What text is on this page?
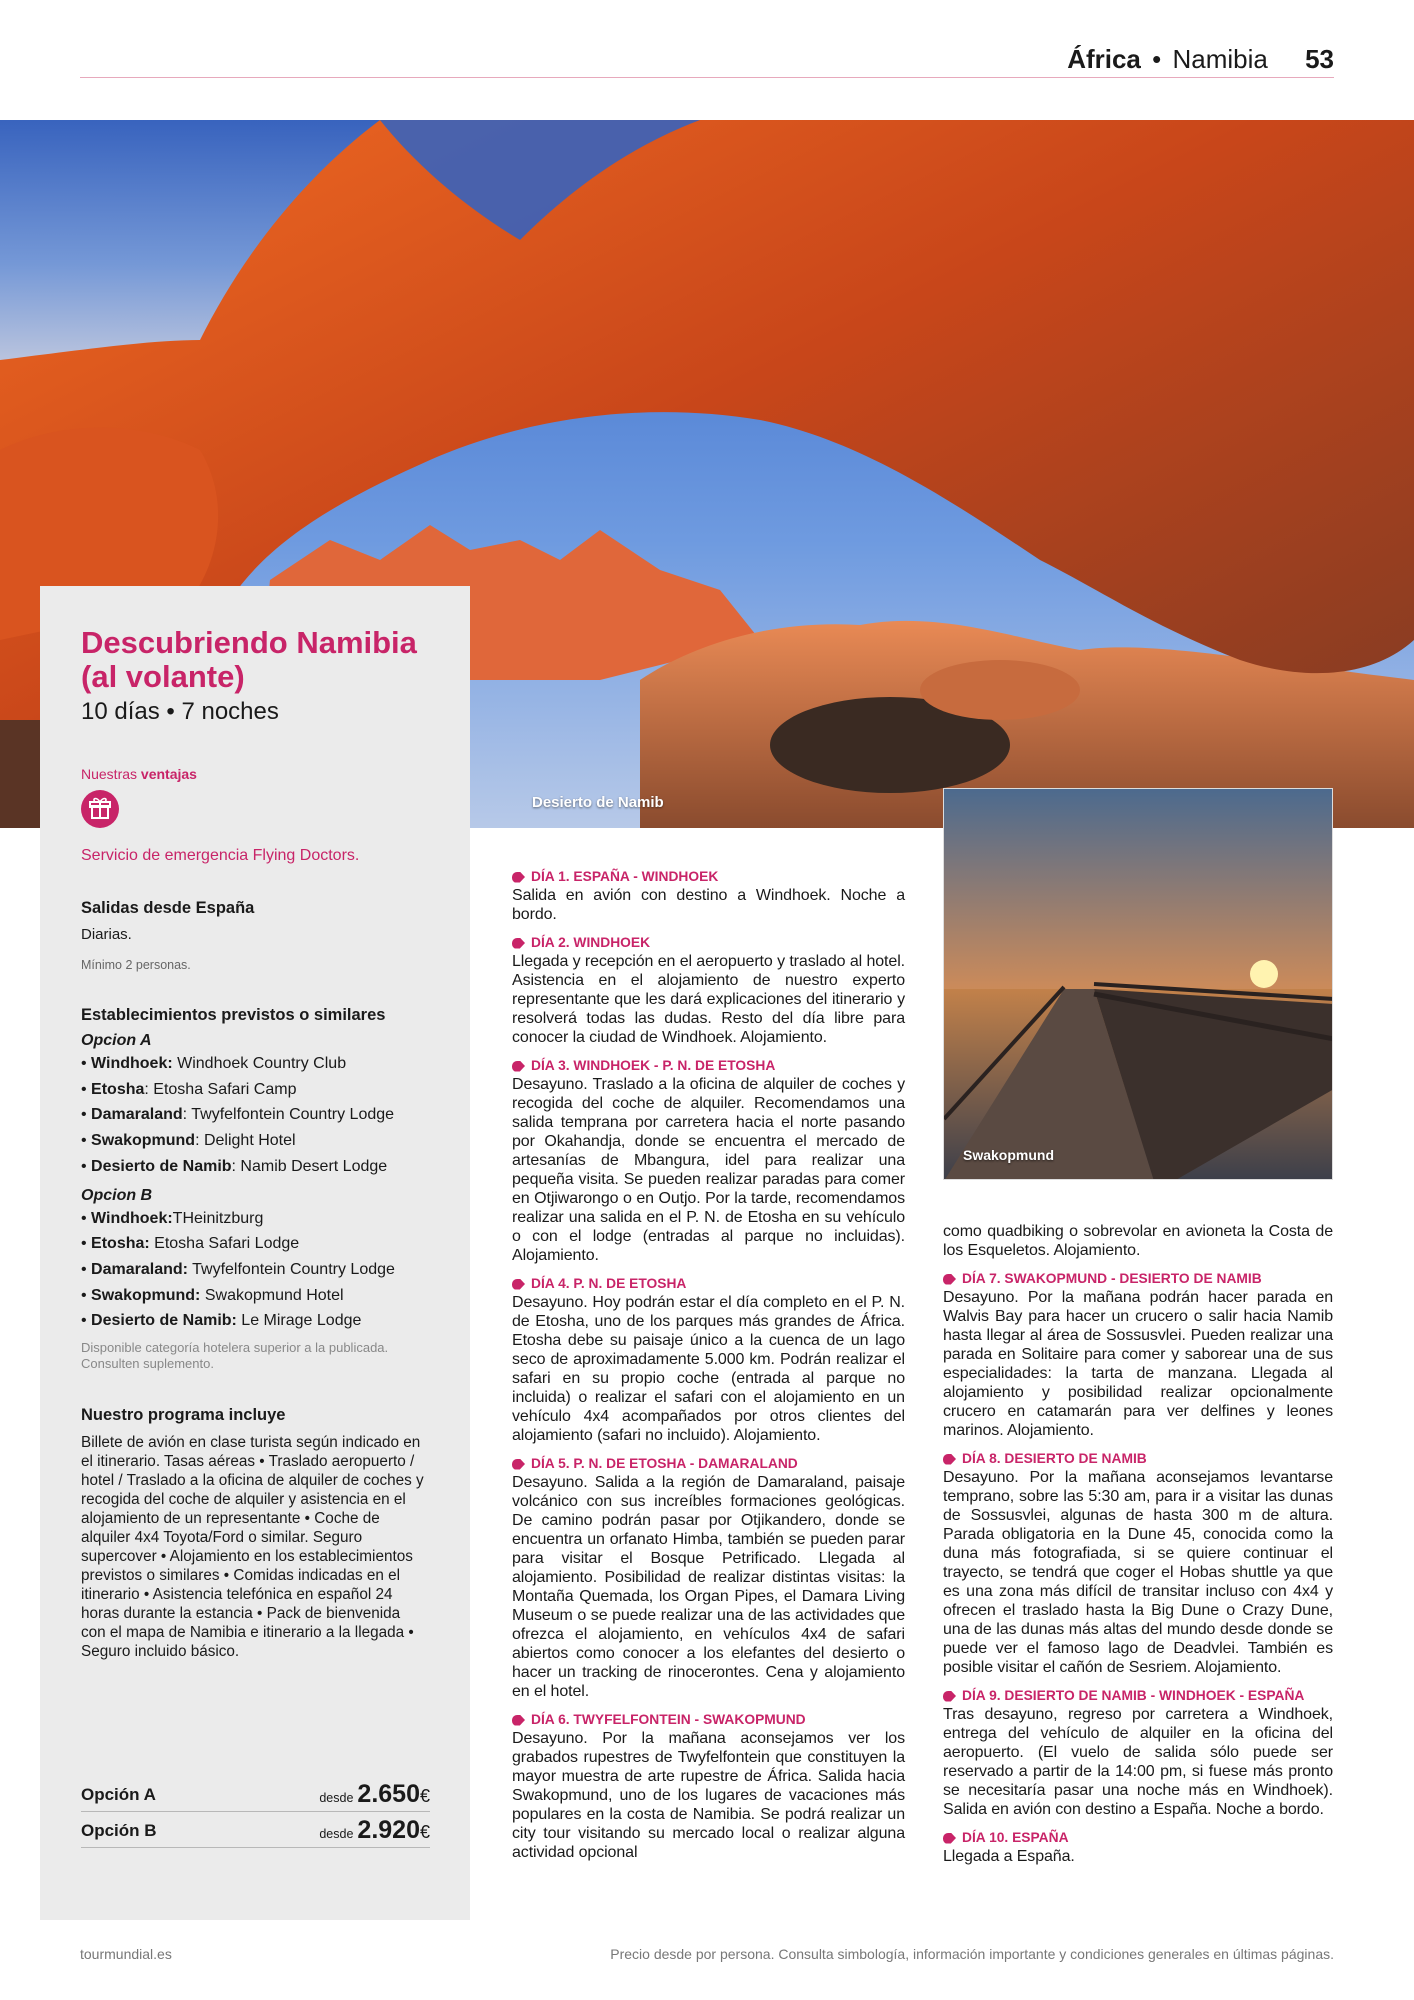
África • Namibia 53
Desierto de Namib
Descubriendo Namibia (al volante)
10 días • 7 noches
Nuestras ventajas
Servicio de emergencia Flying Doctors.
Salidas desde España
Diarias.
Mínimo 2 personas.
Establecimientos previstos o similares
Opcion A
• Windhoek: Windhoek Country Club
• Etosha: Etosha Safari Camp
• Damaraland: Twyfelfontein Country Lodge
• Swakopmund: Delight Hotel
• Desierto de Namib: Namib Desert Lodge
Opcion B
• Windhoek:THeinitzburg
• Etosha: Etosha Safari Lodge
• Damaraland: Twyfelfontein Country Lodge
• Swakopmund: Swakopmund Hotel
• Desierto de Namib: Le Mirage Lodge
Disponible categoría hotelera superior a la publicada. Consulten suplemento.
Nuestro programa incluye
Billete de avión en clase turista según indicado en el itinerario. Tasas aéreas • Traslado aeropuerto / hotel / Traslado a la oficina de alquiler de coches y recogida del coche de alquiler y asistencia en el alojamiento de un representante • Coche de alquiler 4x4 Toyota/Ford o similar. Seguro supercover • Alojamiento en los establecimientos previstos o similares • Comidas indicadas en el itinerario • Asistencia telefónica en español 24 horas durante la estancia • Pack de bienvenida con el mapa de Namibia e itinerario a la llegada • Seguro incluido básico.
Opción A	desde 2.650€
Opción B	desde 2.920€
DÍA 1. ESPAÑA - WINDHOEK
Salida en avión con destino a Windhoek. Noche a bordo.
DÍA 2. WINDHOEK
Llegada y recepción en el aeropuerto y traslado al hotel. Asistencia en el alojamiento de nuestro experto representante que les dará explicaciones del itinerario y resolverá todas las dudas. Resto del día libre para conocer la ciudad de Windhoek. Alojamiento.
DÍA 3. WINDHOEK - P. N. DE ETOSHA
Desayuno. Traslado a la oficina de alquiler de coches y recogida del coche de alquiler. Recomendamos una salida temprana por carretera hacia el norte pasando por Okahandja, donde se encuentra el mercado de artesanías de Mbangura, idel para realizar una pequeña visita. Se pueden realizar paradas para comer en Otjiwarongo o en Outjo. Por la tarde, recomendamos realizar una salida en el P. N. de Etosha en su vehículo o con el lodge (entradas al parque no incluidas). Alojamiento.
DÍA 4. P. N. DE ETOSHA
Desayuno. Hoy podrán estar el día completo en el P. N. de Etosha, uno de los parques más grandes de África. Etosha debe su paisaje único a la cuenca de un lago seco de aproximadamente 5.000 km. Podrán realizar el safari en su propio coche (entrada al parque no incluida) o realizar el safari con el alojamiento en un vehículo 4x4 acompañados por otros clientes del alojamiento (safari no incluido). Alojamiento.
DÍA 5. P. N. DE ETOSHA - DAMARALAND
Desayuno. Salida a la región de Damaraland, paisaje volcánico con sus increíbles formaciones geológicas. De camino podrán pasar por Otjikandero, donde se encuentra un orfanato Himba, también se pueden parar para visitar el Bosque Petrificado. Llegada al alojamiento. Posibilidad de realizar distintas visitas: la Montaña Quemada, los Organ Pipes, el Damara Living Museum o se puede realizar una de las actividades que ofrezca el alojamiento, en vehículos 4x4 de safari abiertos como conocer a los elefantes del desierto o hacer un tracking de rinocerontes. Cena y alojamiento en el hotel.
DÍA 6. TWYFELFONTEIN - SWAKOPMUND
Desayuno. Por la mañana aconsejamos ver los grabados rupestres de Twyfelfontein que constituyen la mayor muestra de arte rupestre de África. Salida hacia Swakopmund, uno de los lugares de vacaciones más populares en la costa de Namibia. Se podrá realizar un city tour visitando su mercado local o realizar alguna actividad opcional
Swakopmund
como quadbiking o sobrevolar en avioneta la Costa de los Esqueletos. Alojamiento.
DÍA 7. SWAKOPMUND - DESIERTO DE NAMIB
Desayuno. Por la mañana podrán hacer parada en Walvis Bay para hacer un crucero o salir hacia Namib hasta llegar al área de Sossusvlei. Pueden realizar una parada en Solitaire para comer y saborear una de sus especialidades: la tarta de manzana. Llegada al alojamiento y posibilidad realizar opcionalmente crucero en catamarán para ver delfines y leones marinos. Alojamiento.
DÍA 8. DESIERTO DE NAMIB
Desayuno. Por la mañana aconsejamos levantarse temprano, sobre las 5:30 am, para ir a visitar las dunas de Sossusvlei, algunas de hasta 300 m de altura. Parada obligatoria en la Dune 45, conocida como la duna más fotografiada, si se quiere continuar el trayecto, se tendrá que coger el Hobas shuttle ya que es una zona más difícil de transitar incluso con 4x4 y ofrecen el traslado hasta la Big Dune o Crazy Dune, una de las dunas más altas del mundo desde donde se puede ver el famoso lago de Deadvlei. También es posible visitar el cañón de Sesriem. Alojamiento.
DÍA 9. DESIERTO DE NAMIB - WINDHOEK - ESPAÑA
Tras desayuno, regreso por carretera a Windhoek, entrega del vehículo de alquiler en la oficina del aeropuerto. (El vuelo de salida sólo puede ser reservado a partir de la 14:00 pm, si fuese más pronto se necesitaría pasar una noche más en Windhoek). Salida en avión con destino a España. Noche a bordo.
DÍA 10. ESPAÑA
Llegada a España.
tourmundial.es	Precio desde por persona. Consulta simbología, información importante y condiciones generales en últimas páginas.
